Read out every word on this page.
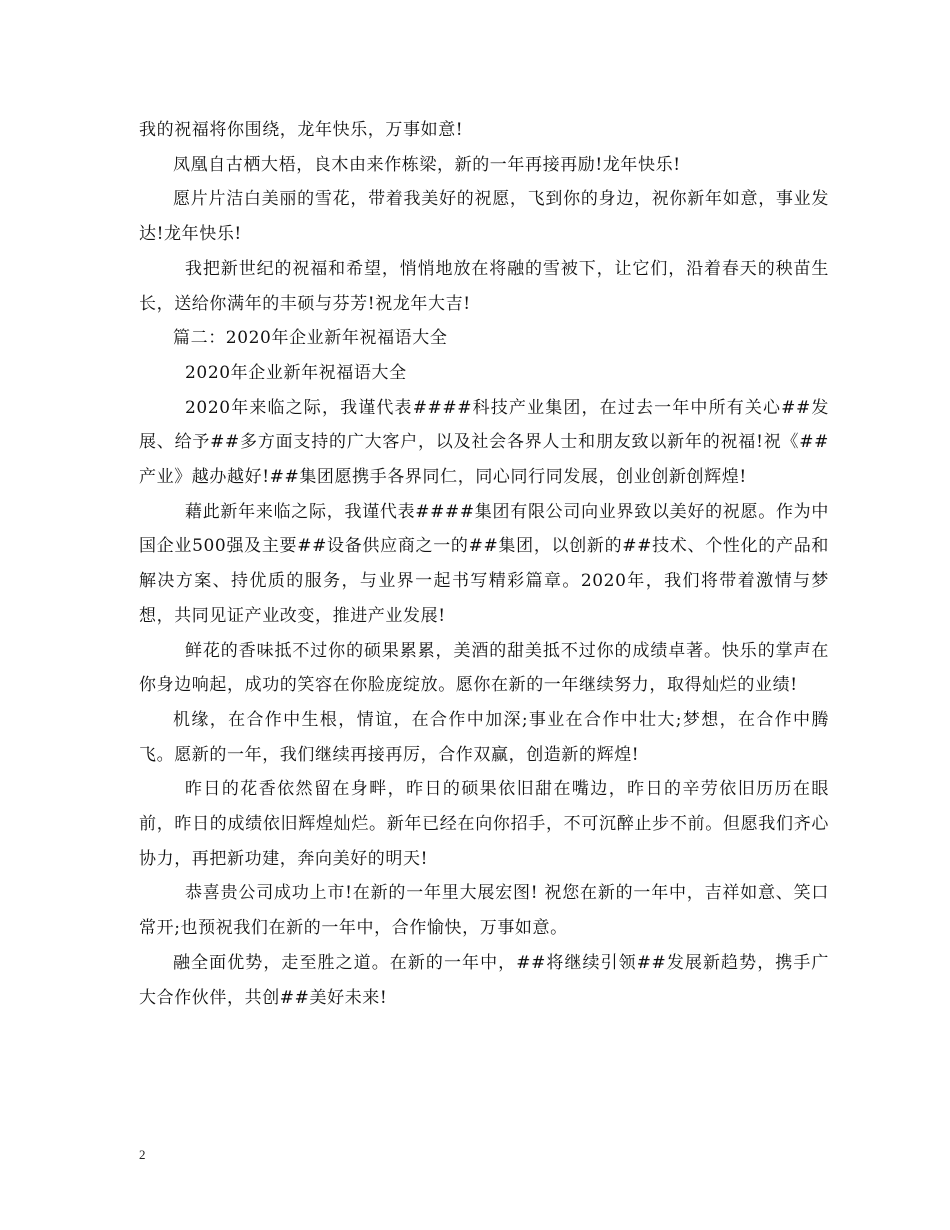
我的祝福将你围绕，龙年快乐，万事如意!

凤凰自古栖大梧，良木由来作栋梁，新的一年再接再励!龙年快乐!

愿片片洁白美丽的雪花，带着我美好的祝愿，飞到你的身边，祝你新年如意，事业发达!龙年快乐!

我把新世纪的祝福和希望，悄悄地放在将融的雪被下，让它们，沿着春天的秧苗生长，送给你满年的丰硕与芬芳!祝龙年大吉!

篇二：2020年企业新年祝福语大全

2020年企业新年祝福语大全

2020年来临之际，我谨代表####科技产业集团，在过去一年中所有关心##发展、给予##多方面支持的广大客户，以及社会各界人士和朋友致以新年的祝福!祝《##产业》越办越好!##集团愿携手各界同仁，同心同行同发展，创业创新创辉煌!

藉此新年来临之际，我谨代表####集团有限公司向业界致以美好的祝愿。作为中国企业500强及主要##设备供应商之一的##集团，以创新的##技术、个性化的产品和解决方案、持优质的服务，与业界一起书写精彩篇章。2020年，我们将带着激情与梦想，共同见证产业改变，推进产业发展!

鲜花的香味抵不过你的硕果累累，美酒的甜美抵不过你的成绩卓著。快乐的掌声在你身边响起，成功的笑容在你脸庞绽放。愿你在新的一年继续努力，取得灿烂的业绩!

机缘，在合作中生根，情谊，在合作中加深;事业在合作中壮大;梦想，在合作中腾飞。愿新的一年，我们继续再接再厉，合作双赢，创造新的辉煌!

昨日的花香依然留在身畔，昨日的硕果依旧甜在嘴边，昨日的辛劳依旧历历在眼前，昨日的成绩依旧辉煌灿烂。新年已经在向你招手，不可沉醉止步不前。但愿我们齐心协力，再把新功建，奔向美好的明天!

恭喜贵公司成功上市!在新的一年里大展宏图! 祝您在新的一年中，吉祥如意、笑口常开;也预祝我们在新的一年中，合作愉快，万事如意。

融全面优势，走至胜之道。在新的一年中，##将继续引领##发展新趋势，携手广大合作伙伴，共创##美好未来!

2
